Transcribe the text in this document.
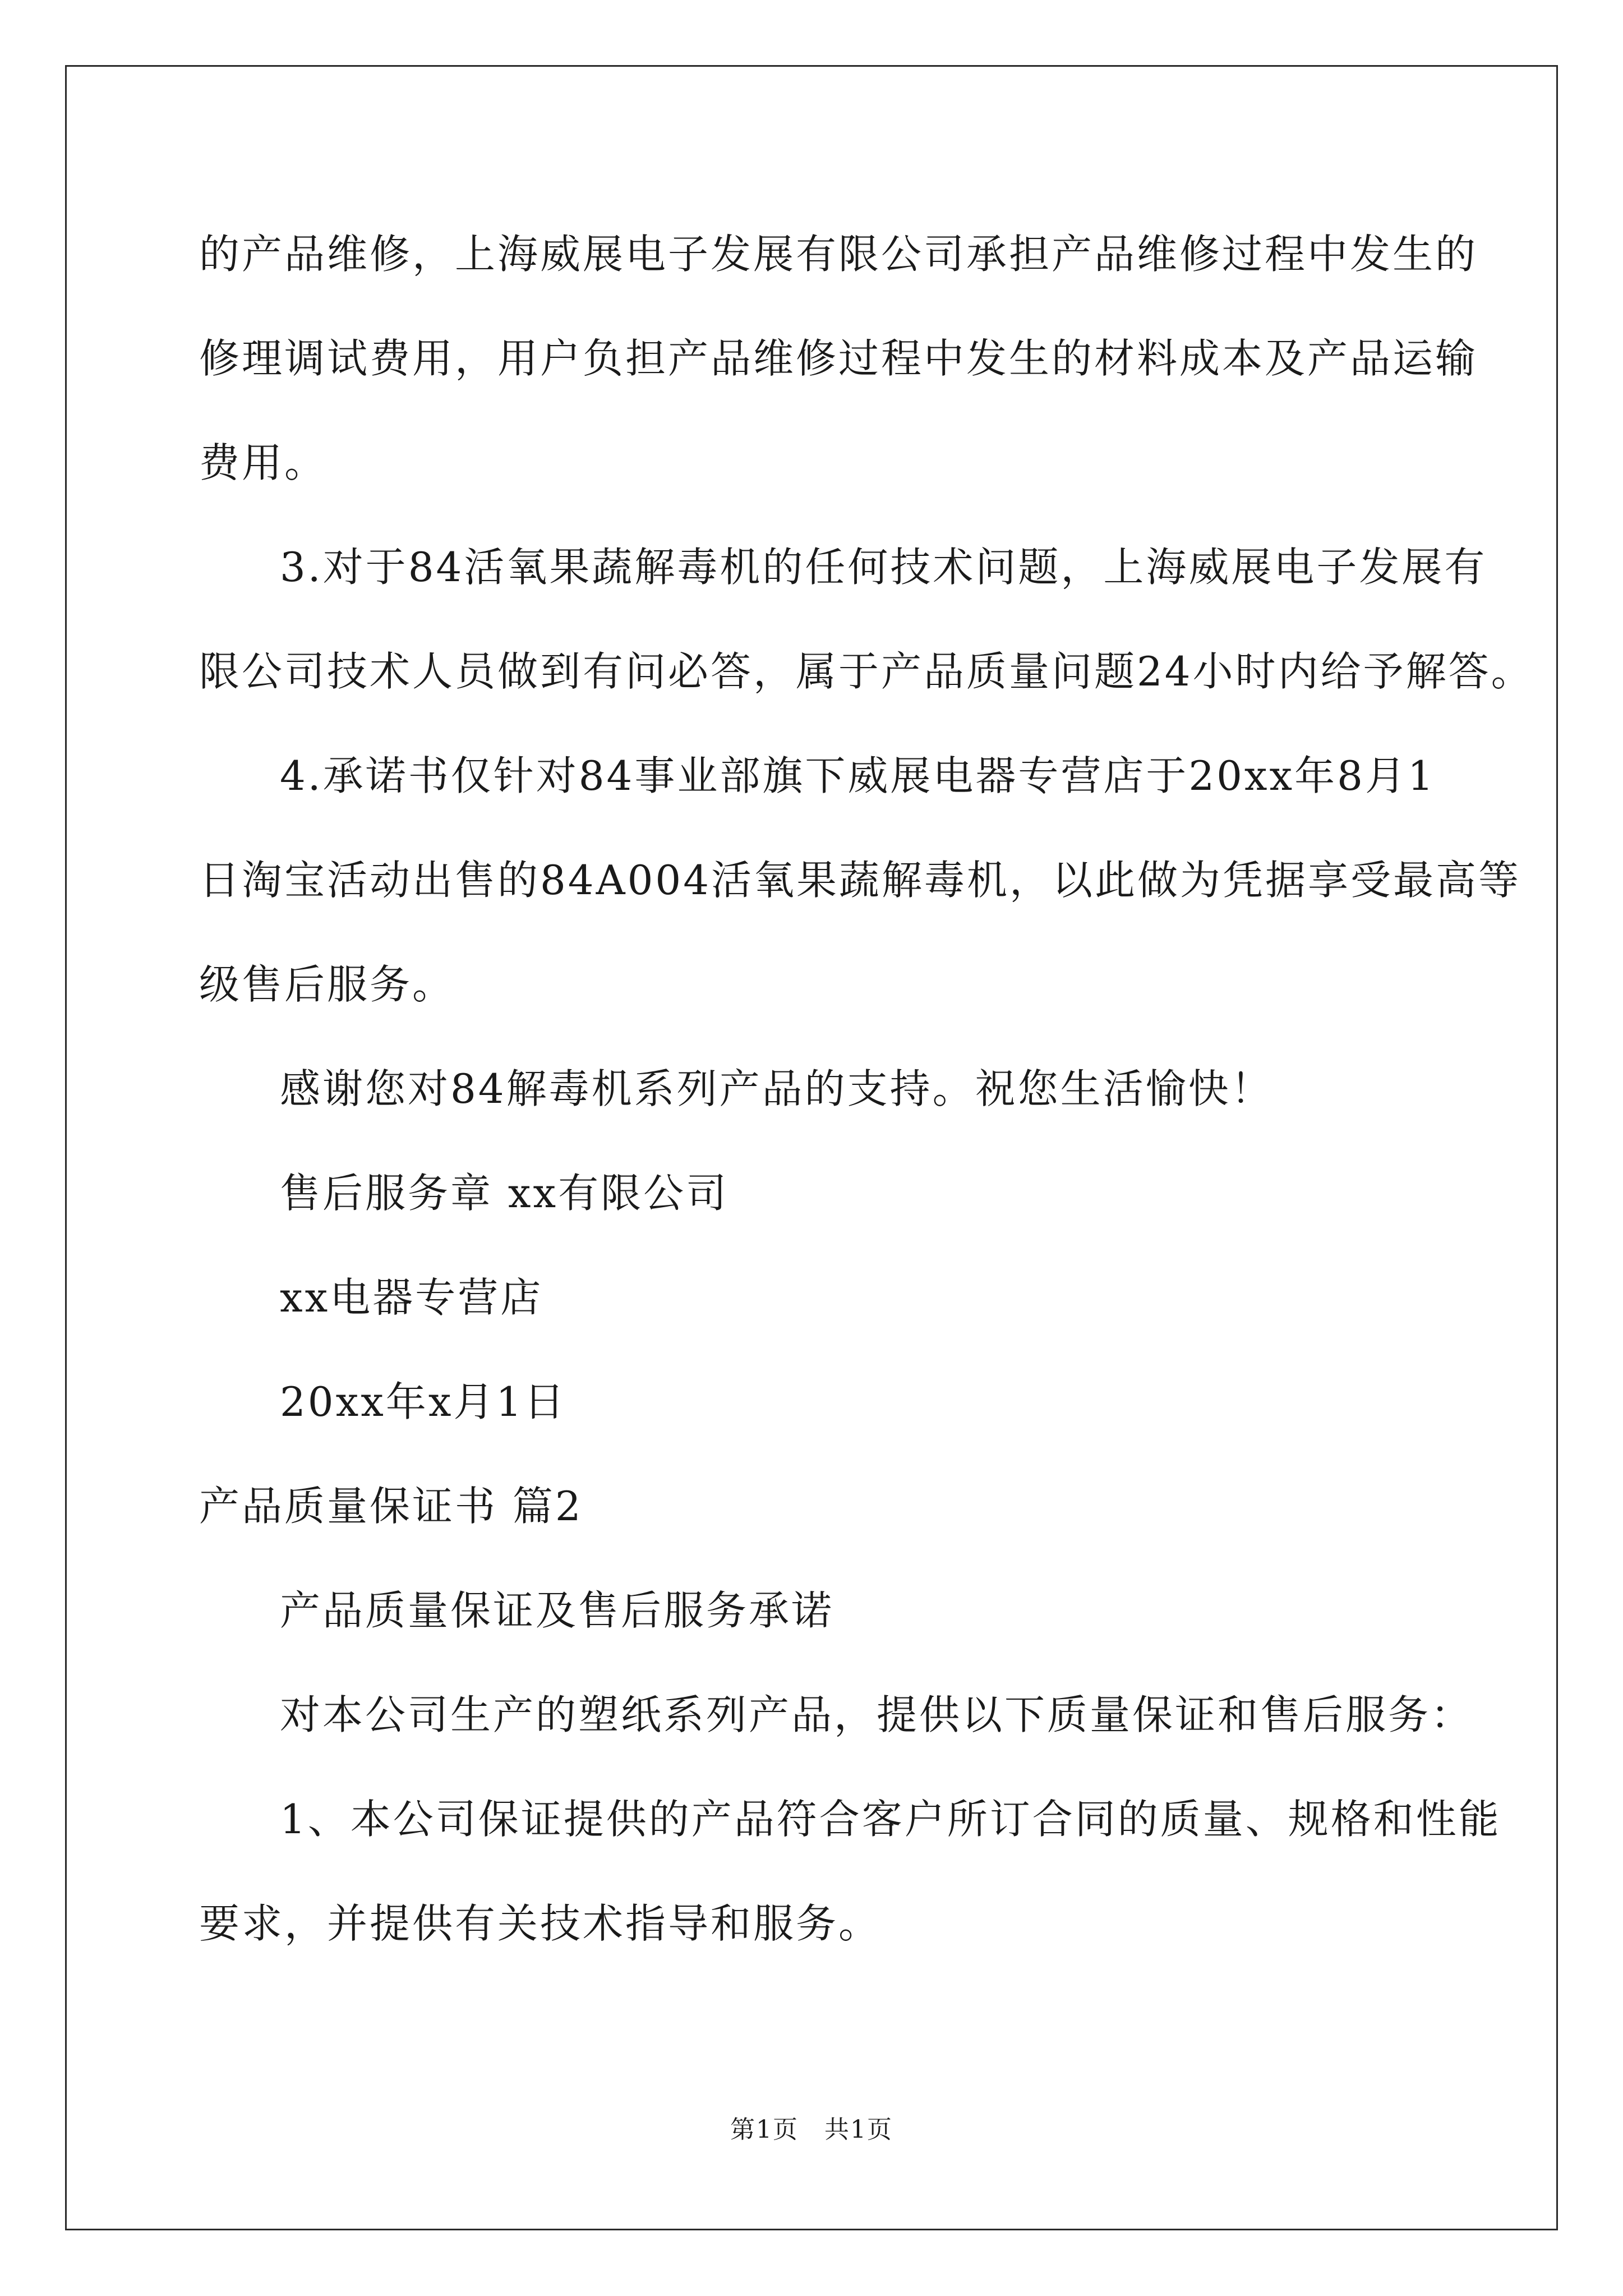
的产品维修，上海威展电子发展有限公司承担产品维修过程中发生的
修理调试费用，用户负担产品维修过程中发生的材料成本及产品运输
费用。
3.对于84活氧果蔬解毒机的任何技术问题，上海威展电子发展有
限公司技术人员做到有问必答，属于产品质量问题24小时内给予解答。
4.承诺书仅针对84事业部旗下威展电器专营店于20xx年8月1
日淘宝活动出售的84A004活氧果蔬解毒机，以此做为凭据享受最高等
级售后服务。
感谢您对84解毒机系列产品的支持。祝您生活愉快！
售后服务章 xx有限公司
xx电器专营店
20xx年x月1日
产品质量保证书 篇2
产品质量保证及售后服务承诺
对本公司生产的塑纸系列产品，提供以下质量保证和售后服务：
1、本公司保证提供的产品符合客户所订合同的质量、规格和性能
要求，并提供有关技术指导和服务。
第1页　共1页
